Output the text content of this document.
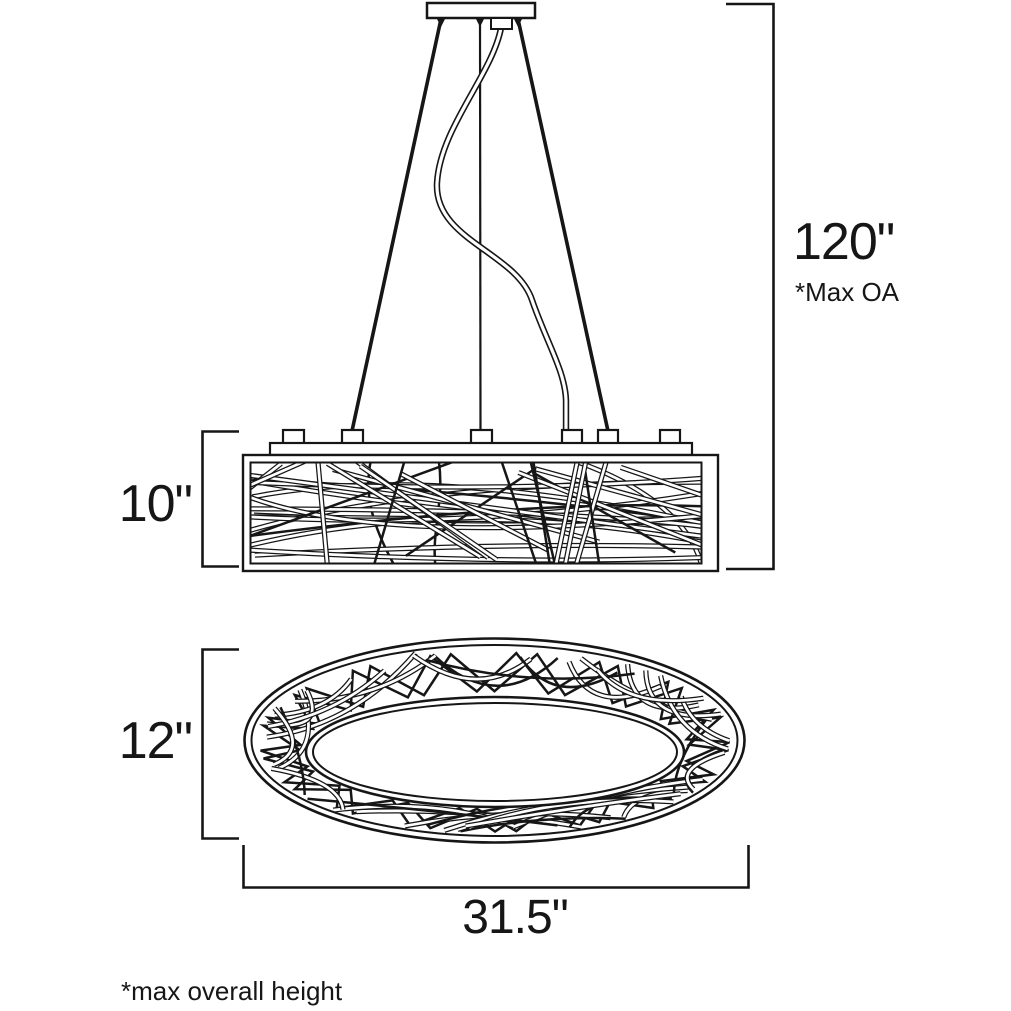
120"
*Max OA
10"
12"
31.5"
*max overall height
